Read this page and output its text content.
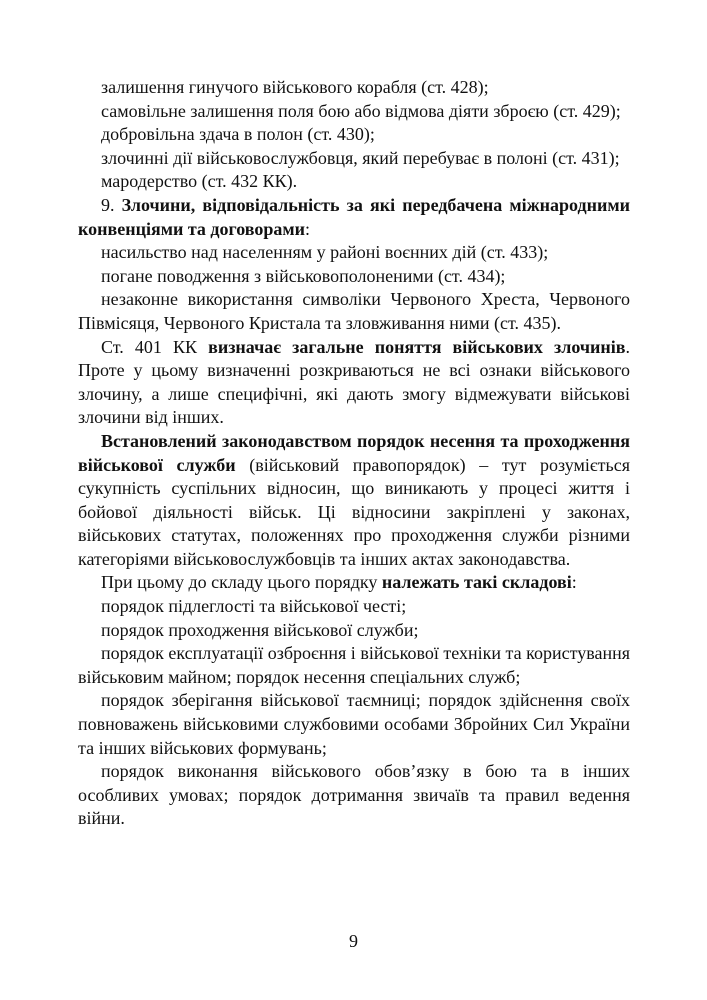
залишення гинучого військового корабля (ст. 428);

самовільне залишення поля бою або відмова діяти зброєю (ст. 429);

добровільна здача в полон (ст. 430);

злочинні дії військовослужбовця, який перебуває в полоні (ст. 431);

мародерство (ст. 432 КК).

9. Злочини, відповідальність за які передбачена міжнародними конвенціями та договорами:

насильство над населенням у районі воєнних дій (ст. 433);

погане поводження з військовополоненими (ст. 434);

незаконне використання символіки Червоного Хреста, Червоного Півмісяця, Червоного Кристала та зловживання ними (ст. 435).

Ст. 401 КК визначає загальне поняття військових злочинів. Проте у цьому визначенні розкриваються не всі ознаки військового злочину, а лише специфічні, які дають змогу відмежувати військові злочини від інших.

Встановлений законодавством порядок несення та проходження військової служби (військовий правопорядок) – тут розуміється сукупність суспільних відносин, що виникають у процесі життя і бойової діяльності військ. Ці відносини закріплені у законах, військових статутах, положеннях про проходження служби різними категоріями військовослужбовців та інших актах законодавства.

При цьому до складу цього порядку належать такі складові:

порядок підлеглості та військової честі;

порядок проходження військової служби;

порядок експлуатації озброєння і військової техніки та користування військовим майном; порядок несення спеціальних служб;

порядок зберігання військової таємниці; порядок здійснення своїх повноважень військовими службовими особами Збройних Сил України та інших військових формувань;

порядок виконання військового обов’язку в бою та в інших особливих умовах; порядок дотримання звичаїв та правил ведення війни.

9
